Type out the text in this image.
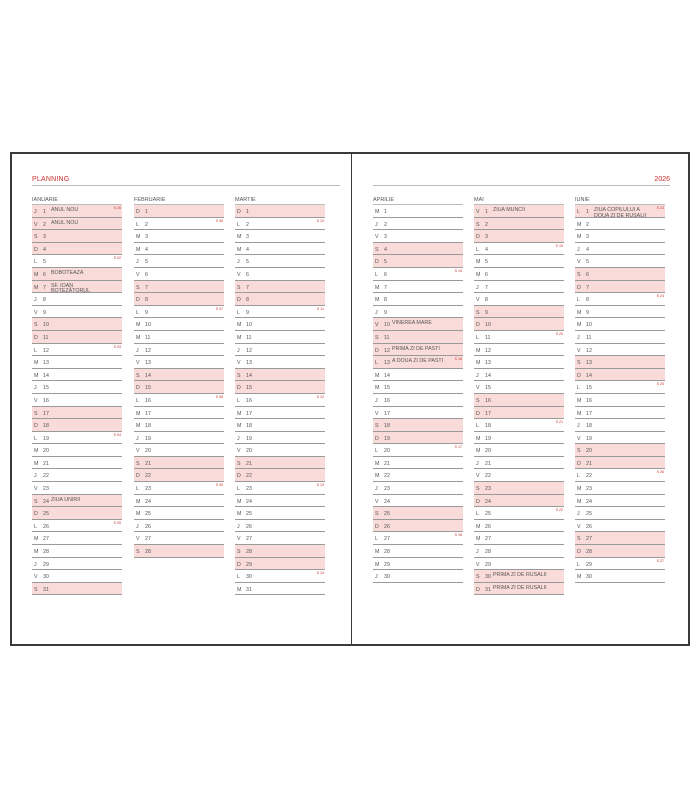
PLANNING
IANUARIE
J 1 ANUL NOU	S 26
V 2 ANUL NOU
S 3
D 4
L 5
S 02
M 6 BOBOTEAZA
M 7 SF. IOAN BOTEZĂTORUL
J 8
V 9
S 10
D 11
L 12
S 03
M 13
M 14
J 15
V 16
S 17
D 18
L 19
S 04
M 20
M 21
J 22
V 23
S 24 ZIUA UNIRII
D 25
L 26
S 05
M 27
M 28
J 29
V 30
S 31
FEBRUARIE
D 1
L 2
S 06
M 3
M 4
J 5
V 6
S 7
D 8
L 9
S 07
M 10
M 11
J 12
V 13
S 14
D 15
L 16
S 08
M 17
M 18
J 19
V 20
S 21
D 22
L 23
S 09
M 24
M 25
J 26
V 27
S 28
MARTIE
D 1
L 2
S 10
M 3
M 4
J 5
V 6
S 7
D 8
L 9
S 11
M 10
M 11
J 12
V 13
S 14
D 15
L 16
S 12
M 17
M 18
J 19
V 20
S 21
D 22
L 23
S 13
M 24
M 25
J 26
V 27
S 28
D 29
L 30
S 14
M 31
2026
APRILIE
M 1
J 2
V 3
S 4
D 5
L 6
S 15
M 7
M 8
J 9
V 10 VINEREA MARE
S 11
D 12 PRIMA ZI DE PASTI
L 13 A DOUA ZI DE PASTI	S 16
M 14
M 15
J 16
V 17
S 18
D 19
L 20
S 17
M 21
M 22
J 23
V 24
S 25
D 26
L 27
S 18
M 28
M 29
J 30
MAI
V 1 ZIUA MUNCII
S 2
D 3
L 4
S 19
M 5
M 6
J 7
V 8
S 9
D 10
L 11
S 20
M 12
M 13
J 14
V 15
S 16
D 17
L 18
S 21
M 19
M 20
J 21
V 22
S 23
D 24
L 25
S 22
M 26
M 27
J 28
V 29
S 30 PRIMA ZI DE RUSALII
D 31 PRIMA ZI DE RUSALII
IUNIE
L 1 ZIUA COPILULUI A DOUA ZI DE RUSALII
S 23
M 2
M 3
J 4
V 5
S 6
D 7
L 8
S 24
M 9
M 10
J 11
V 12
S 13
D 14
L 15
S 25
M 16
M 17
J 18
V 19
S 20
D 21
L 22
S 26
M 23
M 24
J 25
V 26
S 27
D 28
L 29
S 27
M 30
